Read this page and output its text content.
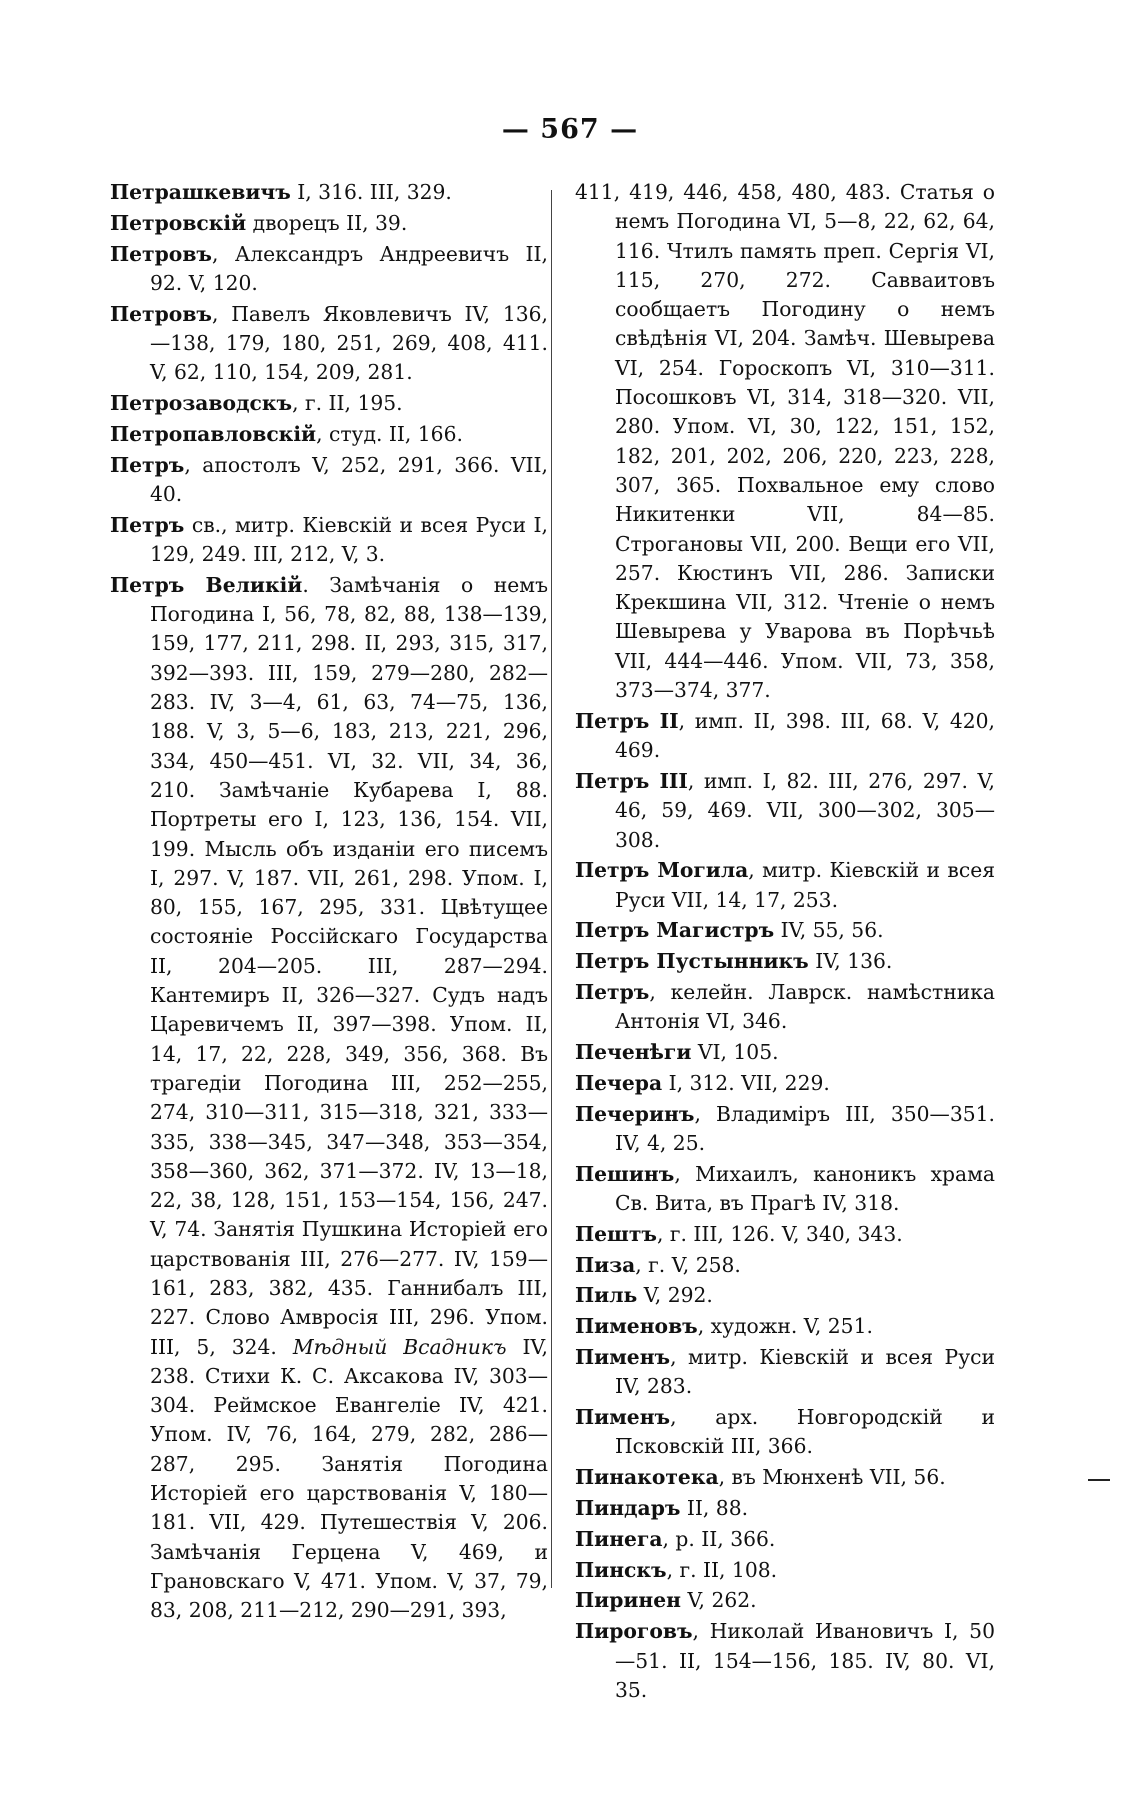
— 567 —

Петрашкевичъ I, 316. III, 329.

Петровскій дворецъ II, 39.

Петровъ, Александръ Андреевичъ II, 92. V, 120.

Петровъ, Павелъ Яковлевичъ IV, 136, —138, 179, 180, 251, 269, 408, 411. V, 62, 110, 154, 209, 281.

Петрозаводскъ, г. II, 195.

Петропавловскій, студ. II, 166.

Петръ, апостолъ V, 252, 291, 366. VII, 40.

Петръ св., митр. Кіевскій и всея Руси I, 129, 249. III, 212, V, 3.

Петръ Великій. Замѣчанія о немъ Погодина I, 56, 78, 82, 88, 138—139, 159, 177, 211, 298. II, 293, 315, 317, 392—393. III, 159, 279—280, 282—283. IV, 3—4, 61, 63, 74—75, 136, 188. V, 3, 5—6, 183, 213, 221, 296, 334, 450—451. VI, 32. VII, 34, 36, 210. Замѣчаніе Кубарева I, 88. Портреты его I, 123, 136, 154. VII, 199. Мысль объ изданіи его писемъ I, 297. V, 187. VII, 261, 298. Упом. I, 80, 155, 167, 295, 331. Цвѣтущее состояніе Россійскаго Государства II, 204—205. III, 287—294. Кантемиръ II, 326—327. Судъ надъ Царевичемъ II, 397—398. Упом. II, 14, 17, 22, 228, 349, 356, 368. Въ трагедіи Погодина III, 252—255, 274, 310—311, 315—318, 321, 333—335, 338—345, 347—348, 353—354, 358—360, 362, 371—372. IV, 13—18, 22, 38, 128, 151, 153—154, 156, 247. V, 74. Занятія Пушкина Исторіей его царствованія III, 276—277. IV, 159—161, 283, 382, 435. Ганнибалъ III, 227. Слово Амвросія III, 296. Упом. III, 5, 324. Мѣдный Всадникъ IV, 238. Стихи К. С. Аксакова IV, 303—304. Реймское Евангеліе IV, 421. Упом. IV, 76, 164, 279, 282, 286—287, 295. Занятія Погодина Исторіей его царствованія V, 180—181. VII, 429. Путешествія V, 206. Замѣчанія Герцена V, 469, и Грановскаго V, 471. Упом. V, 37, 79, 83, 208, 211—212, 290—291, 393,

411, 419, 446, 458, 480, 483. Статья о немъ Погодина VI, 5—8, 22, 62, 64, 116. Чтилъ память преп. Сергія VI, 115, 270, 272. Савваитовъ сообщаетъ Погодину о немъ свѣдѣнія VI, 204. Замѣч. Шевырева VI, 254. Гороскопъ VI, 310—311. Посошковъ VI, 314, 318—320. VII, 280. Упом. VI, 30, 122, 151, 152, 182, 201, 202, 206, 220, 223, 228, 307, 365. Похвальное ему слово Никитенки VII, 84—85. Строгановы VII, 200. Вещи его VII, 257. Кюстинъ VII, 286. Записки Крекшина VII, 312. Чтеніе о немъ Шевырева у Уварова въ Порѣчьѣ VII, 444—446. Упом. VII, 73, 358, 373—374, 377.

Петръ II, имп. II, 398. III, 68. V, 420, 469.

Петръ III, имп. I, 82. III, 276, 297. V, 46, 59, 469. VII, 300—302, 305—308.

Петръ Могила, митр. Кіевскій и всея Руси VII, 14, 17, 253.

Петръ Магистръ IV, 55, 56.

Петръ Пустынникъ IV, 136.

Петръ, келейн. Лаврск. намѣстника Антонія VI, 346.

Печенѣги VI, 105.

Печера I, 312. VII, 229.

Печеринъ, Владиміръ III, 350—351. IV, 4, 25.

Пешинъ, Михаилъ, каноникъ храма Св. Вита, въ Прагѣ IV, 318.

Пештъ, г. III, 126. V, 340, 343.

Пиза, г. V, 258.

Пиль V, 292.

Пименовъ, художн. V, 251.

Пименъ, митр. Кіевскій и всея Руси IV, 283.

Пименъ, арх. Новгородскій и Псковскій III, 366.

Пинакотека, въ Мюнхенѣ VII, 56.

Пиндаръ II, 88.

Пинега, р. II, 366.

Пинскъ, г. II, 108.

Пиринен V, 262.

Пироговъ, Николай Ивановичъ I, 50—51. II, 154—156, 185. IV, 80. VI, 35.
